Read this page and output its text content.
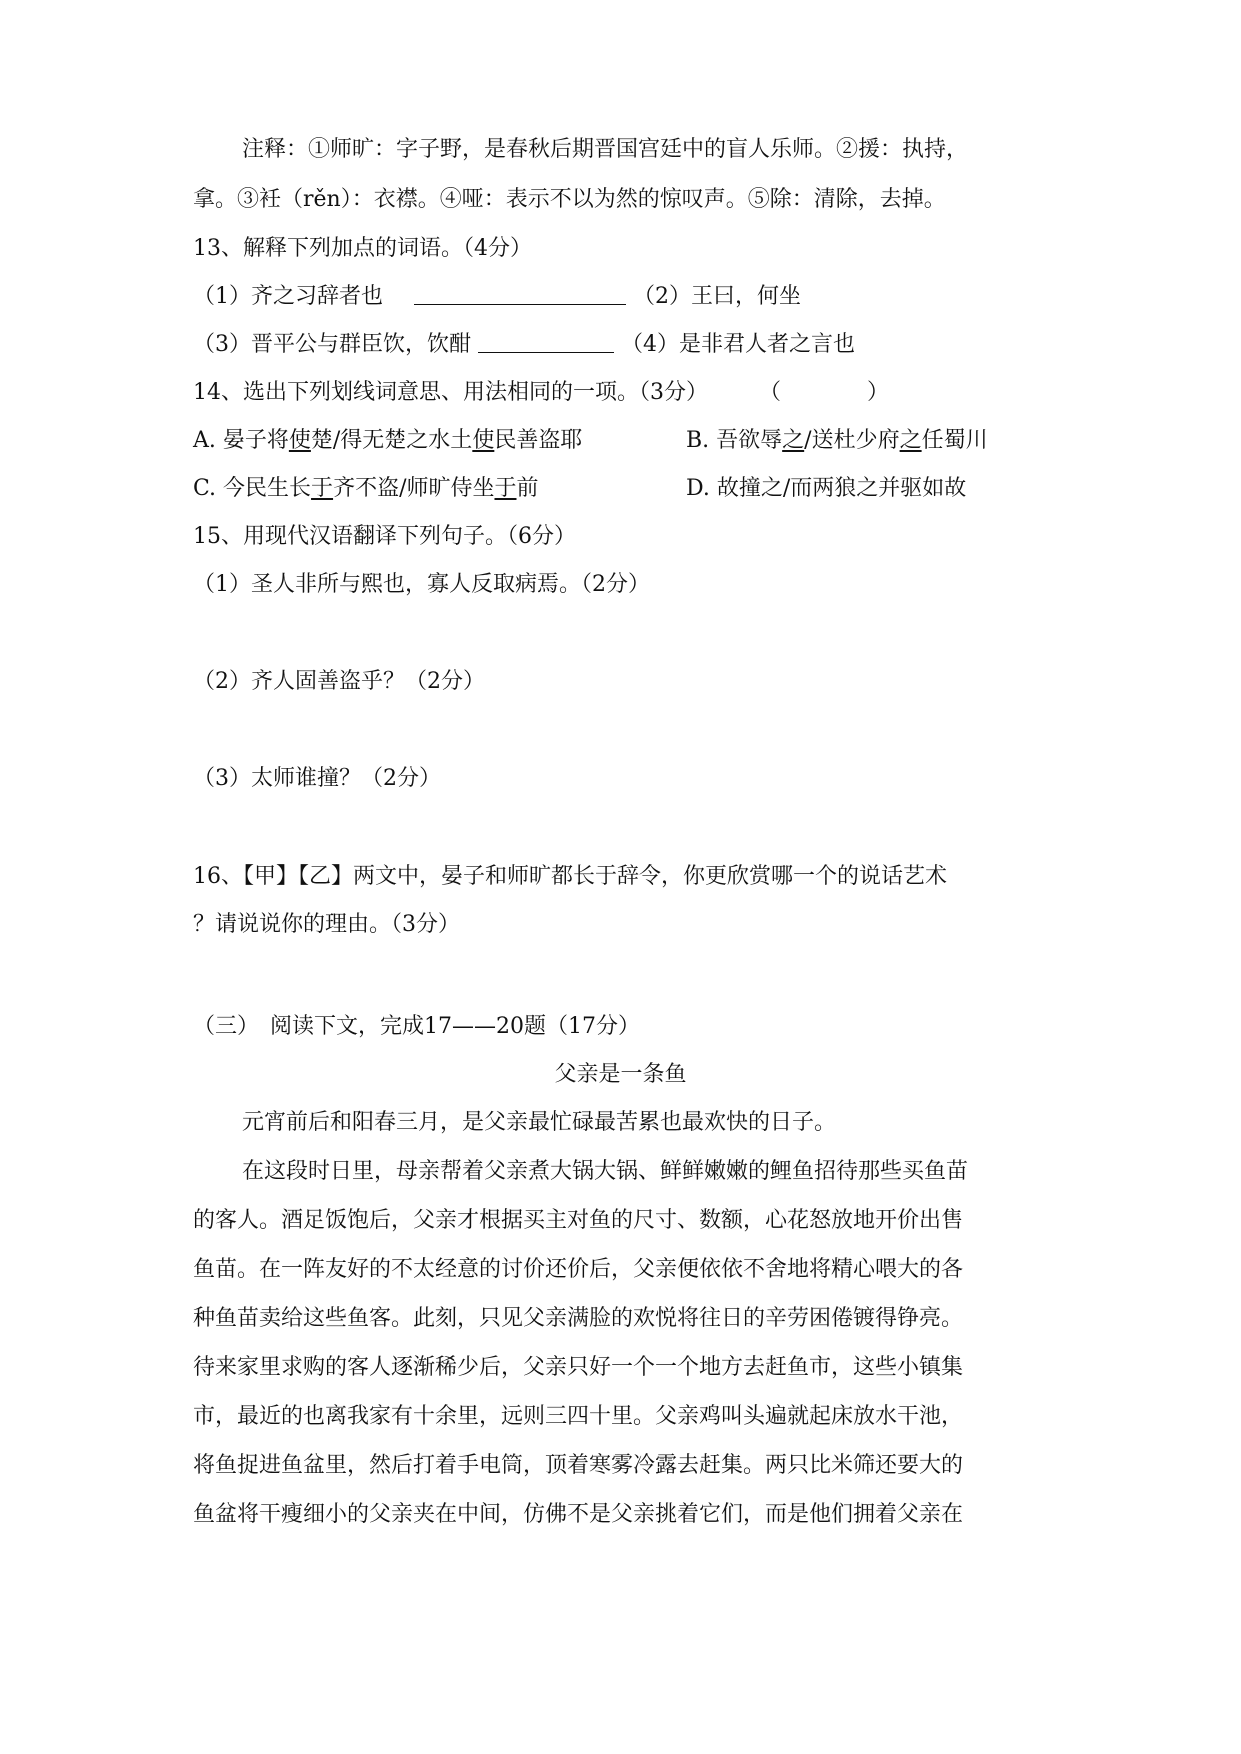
注释：①师旷：字子野，是春秋后期晋国宫廷中的盲人乐师。②援：执持，
拿。③衽（rěn）：衣襟。④哑：表示不以为然的惊叹声。⑤除：清除，去掉。
13、解释下列加点的词语。（4分）
（1）齐之习辞者也	（2）王曰，何坐
（3）晋平公与群臣饮，饮酣	（4）是非君人者之言也
14、选出下列划线词意思、用法相同的一项。（3分） （	）
A. 晏子将使楚/得无楚之水土使民善盗耶	B. 吾欲辱之/送杜少府之任蜀川
C. 今民生长于齐不盗/师旷侍坐于前	D. 故撞之/而两狼之并驱如故
15、用现代汉语翻译下列句子。（6分）
（1）圣人非所与熙也，寡人反取病焉。（2分）
（2）齐人固善盗乎？（2分）
（3）太师谁撞？（2分）
16、【甲】【乙】两文中，晏子和师旷都长于辞令，你更欣赏哪一个的说话艺术
？请说说你的理由。（3分）
（三）　阅读下文，完成17——20题（17分）
父亲是一条鱼
元宵前后和阳春三月，是父亲最忙碌最苦累也最欢快的日子。
在这段时日里，母亲帮着父亲煮大锅大锅、鲜鲜嫩嫩的鲤鱼招待那些买鱼苗
的客人。酒足饭饱后，父亲才根据买主对鱼的尺寸、数额，心花怒放地开价出售
鱼苗。在一阵友好的不太经意的讨价还价后，父亲便依依不舍地将精心喂大的各
种鱼苗卖给这些鱼客。此刻，只见父亲满脸的欢悦将往日的辛劳困倦镀得铮亮。
待来家里求购的客人逐渐稀少后，父亲只好一个一个地方去赶鱼市，这些小镇集
市，最近的也离我家有十余里，远则三四十里。父亲鸡叫头遍就起床放水干池，
将鱼捉进鱼盆里，然后打着手电筒，顶着寒雾冷露去赶集。两只比米筛还要大的
鱼盆将干瘦细小的父亲夹在中间，仿佛不是父亲挑着它们，而是他们拥着父亲在
